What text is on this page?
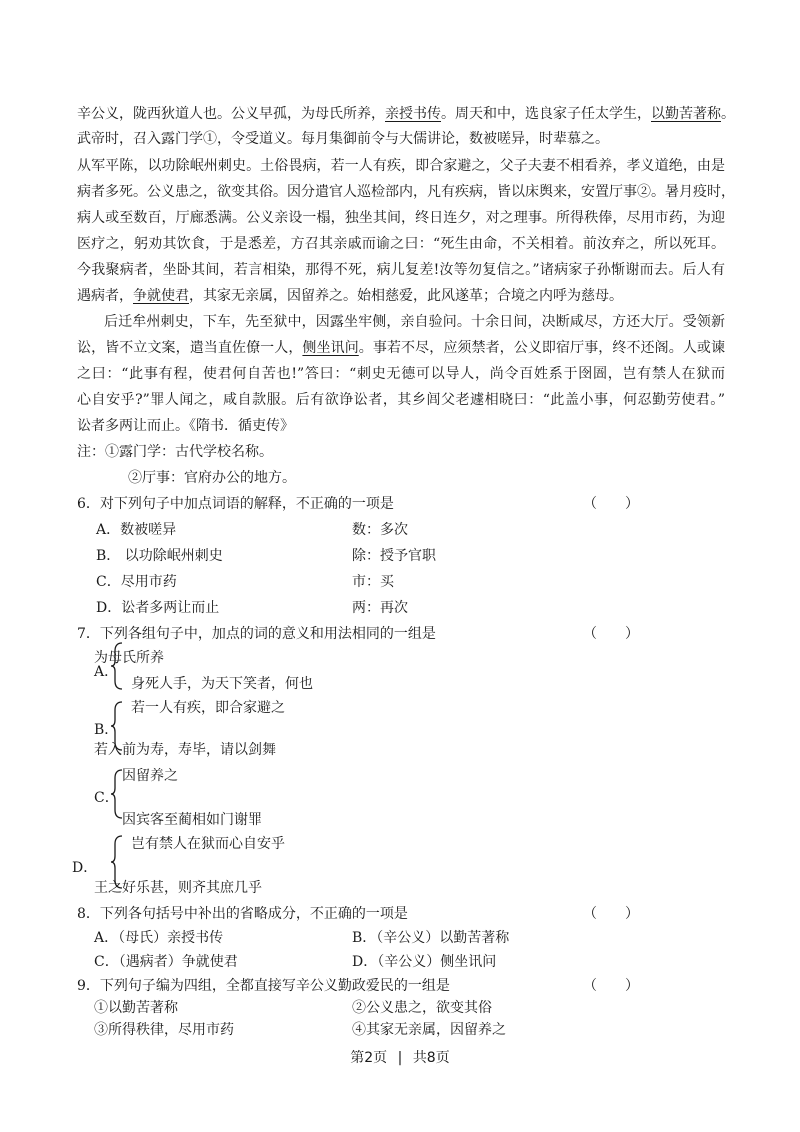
辛公义，陇西狄道人也。公义早孤，为母氏所养，亲授书传。周天和中，选良家子任太学生，以勤苦著称。
武帝时，召入露门学①，令受道义。每月集御前令与大儒讲论，数被嗟异，时辈慕之。
从军平陈，以功除岷州刺史。土俗畏病，若一人有疾，即合家避之，父子夫妻不相看养，孝义道绝，由是
病者多死。公义患之，欲变其俗。因分遣官人巡检部内，凡有疾病，皆以床舆来，安置厅事②。暑月疫时，
病人或至数百，厅廊悉满。公义亲设一榻，独坐其间，终日连夕，对之理事。所得秩俸，尽用市药，为迎
医疗之，躬劝其饮食，于是悉差，方召其亲戚而谕之曰：“死生由命，不关相着。前汝弃之，所以死耳。
今我聚病者，坐卧其间，若言相染，那得不死，病儿复差!汝等勿复信之。”诸病家子孙惭谢而去。后人有
遇病者，争就使君，其家无亲属，因留养之。始相慈爱，此风遂革；合境之内呼为慈母。
后迁牟州刺史，下车，先至狱中，因露坐牢侧，亲自验问。十余日间，决断咸尽，方还大厅。受领新
讼，皆不立文案，遣当直佐僚一人，侧坐讯问。事若不尽，应须禁者，公义即宿厅事，终不还阁。人或谏
之曰：“此事有程，使君何自苦也!”答曰：“刺史无德可以导人，尚令百姓系于囹圄，岂有禁人在狱而
心自安乎?”罪人闻之，咸自款服。后有欲诤讼者，其乡闾父老遽相晓曰：“此盖小事，何忍勤劳使君。”
讼者多两让而止。《隋书．循吏传》
注：①露门学：古代学校名称。
②厅事：官府办公的地方。
6．对下列句子中加点词语的解释，不正确的一项是	（　　）
A．数被嗟异	数：多次
B． 以功除岷州刺史	除：授予官职
C．尽用市药	市：买
D．讼者多两让而止	两：再次
7．下列各组句子中，加点的词的意义和用法相同的一组是	（　　）
为母氏所养
A．
身死人手，为天下笑者，何也
若一人有疾，即合家避之
B．
若入前为寿，寿毕，请以剑舞
因留养之
C．
因宾客至蔺相如门谢罪
岂有禁人在狱而心自安乎
D．
王之好乐甚，则齐其庶几乎
8．下列各句括号中补出的省略成分，不正确的一项是	（　　）
A．（母氏）亲授书传	B．（辛公义）以勤苦著称
C．（遇病者）争就使君	D．（辛公义）侧坐讯问
9．下列句子编为四组，全都直接写辛公义勤政爱民的一组是	（　　）
①以勤苦著称	②公义患之，欲变其俗
③所得秩律，尽用市药	④其家无亲属，因留养之
第2页 | 共8页
